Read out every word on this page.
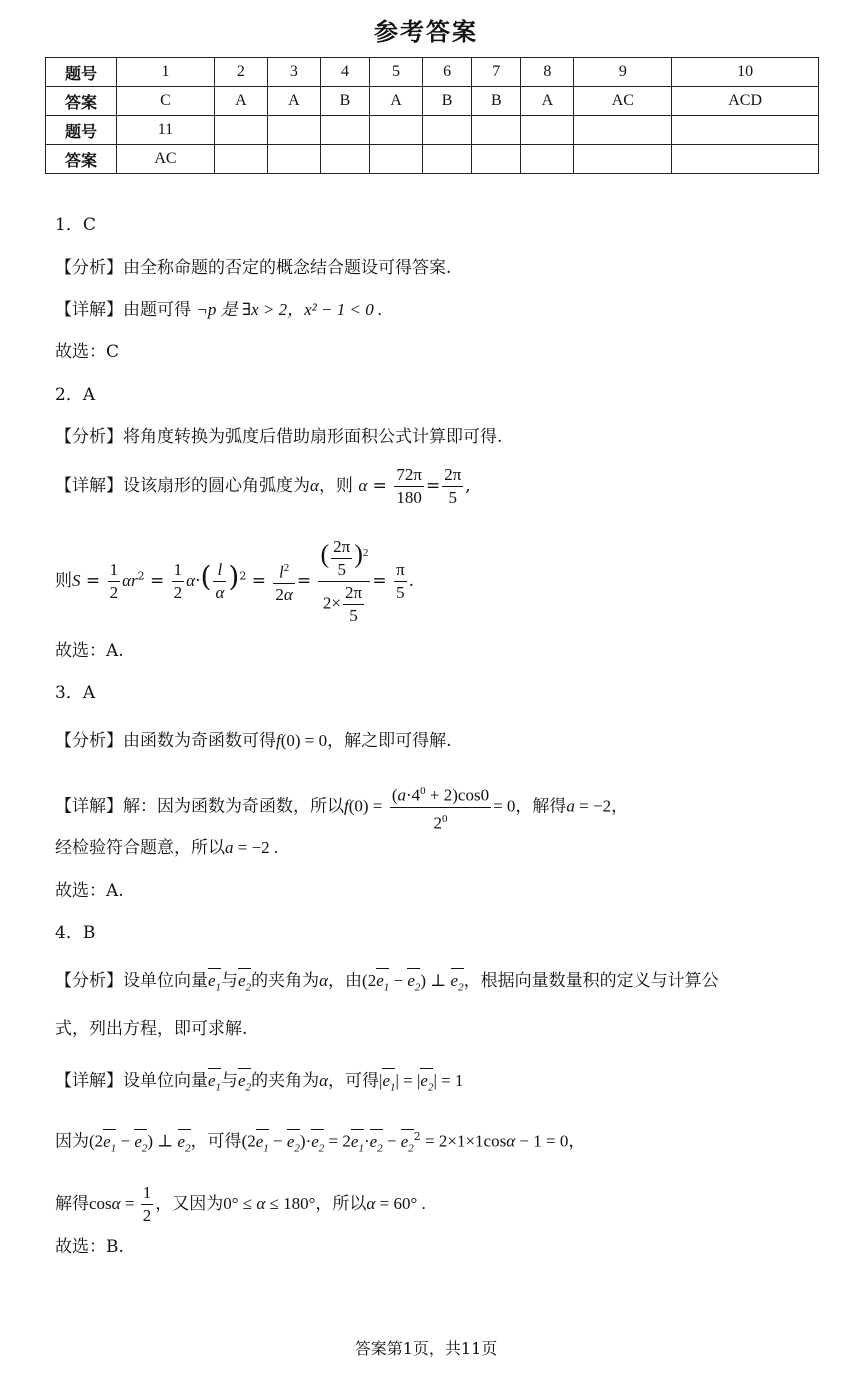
参考答案
题号	1	2	3	4	5	6	7	8	9	10
答案	C	A	A	B	A	B	B	A	AC	ACD
题号	11									
答案	AC									
1．C
【分析】由全称命题的否定的概念结合题设可得答案.
【详解】由题可得 ¬p 是 ∃x > 2，x² − 1 < 0 .
故选：C
2．A
【分析】将角度转换为弧度后借助扇形面积公式计算即可得.
【详解】设该扇形的圆心角弧度为α，则 $\alpha = \frac{72\pi}{180} = \frac{2\pi}{5}$ ,
则$S = \frac{1}{2} \alpha r^2 = \frac{1}{2} \alpha\cdot( \frac{l}{\alpha} )^2 = \frac{l^2}{2\alpha} = \frac{( \frac{2\pi}{5} )^2}{2\times \frac{2\pi}{5}} = \frac{\pi}{5}$ .
故选：A.
3．A
【分析】由函数为奇函数可得f(0) = 0，解之即可得解.
【详解】解：因为函数为奇函数，所以$f(0) = \frac{(a\cdot 4^0 + 2)\cos 0}{2^0} = 0$，解得a = −2，
经检验符合题意，所以a = −2 .
故选：A.
4．B
【分析】设单位向量$e_1$与$e_2$的夹角为α，由$(2e_1 - e_2)$ ⊥ $e_2$，根据向量数量积的定义与计算公
式，列出方程，即可求解.
【详解】设单位向量$e_1$与$e_2$的夹角为α，可得$|e_1| = |e_2| = 1$
因为$(2e_1 - e_2)$ ⊥ $e_2$，可得$(2e_1 - e_2)\cdot e_2 = 2e_1\cdot e_2 - e_2^2 = 2\times 1\times 1\cos\alpha - 1 = 0$，
解得$\cos\alpha = \frac{1}{2}$ ，又因为0° ≤ α ≤ 180°，所以α = 60° .
故选：B.
答案第1页，共11页
